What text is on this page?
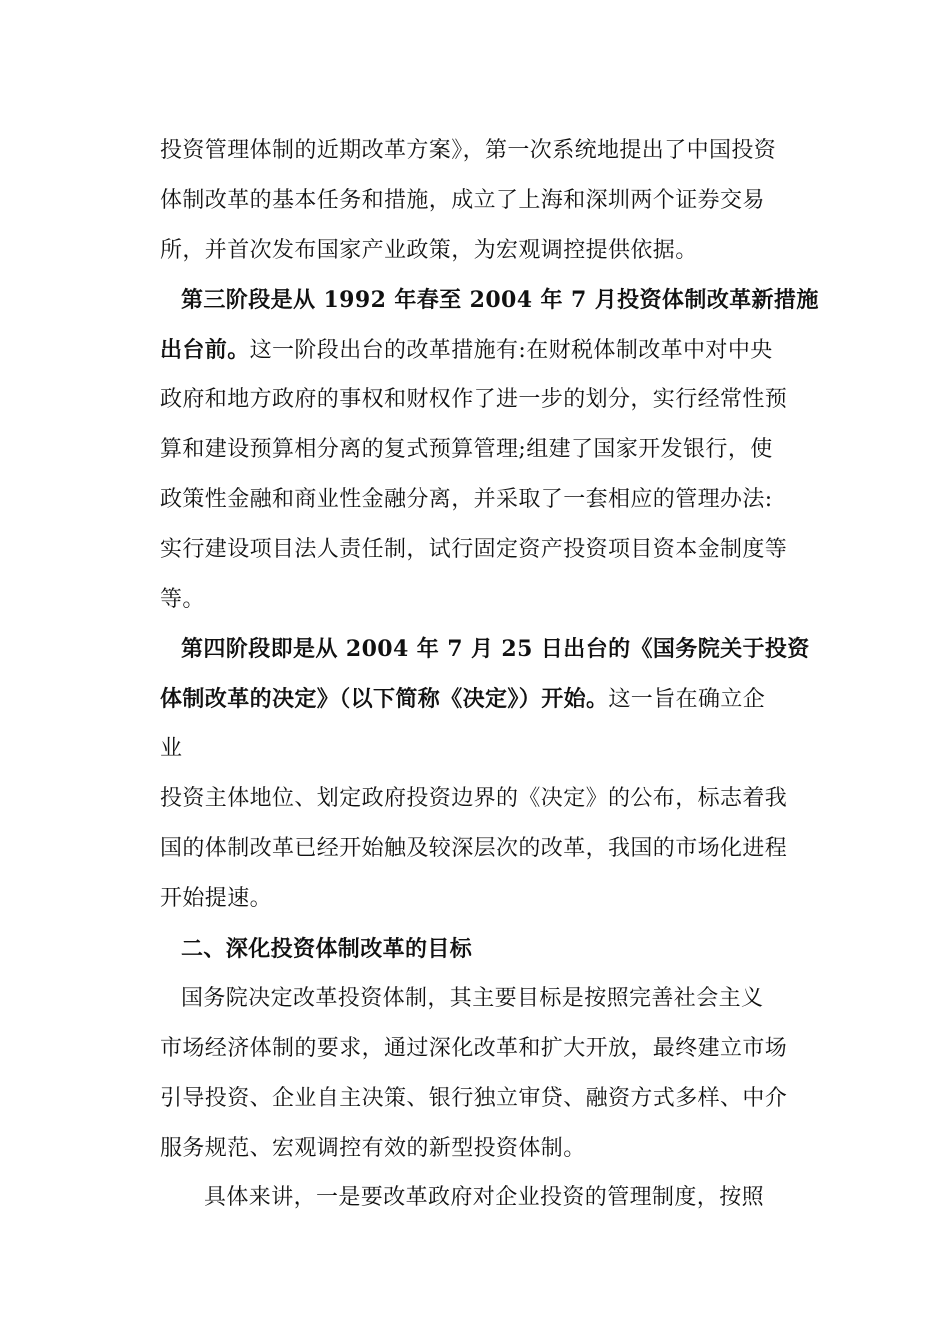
投资管理体制的近期改革方案》，第一次系统地提出了中国投资
体制改革的基本任务和措施，成立了上海和深圳两个证券交易
所，并首次发布国家产业政策，为宏观调控提供依据。
第三阶段是从 1992 年春至 2004 年 7 月投资体制改革新措施
出台前。这一阶段出台的改革措施有:在财税体制改革中对中央
政府和地方政府的事权和财权作了进一步的划分，实行经常性预
算和建设预算相分离的复式预算管理;组建了国家开发银行，使
政策性金融和商业性金融分离，并采取了一套相应的管理办法:
实行建设项目法人责任制，试行固定资产投资项目资本金制度等
等。
第四阶段即是从 2004 年 7 月 25 日出台的《国务院关于投资
体制改革的决定》（以下简称《决定》）开始。这一旨在确立企
业
投资主体地位、划定政府投资边界的《决定》的公布，标志着我
国的体制改革已经开始触及较深层次的改革，我国的市场化进程
开始提速。
二、深化投资体制改革的目标
国务院决定改革投资体制，其主要目标是按照完善社会主义
市场经济体制的要求，通过深化改革和扩大开放，最终建立市场
引导投资、企业自主决策、银行独立审贷、融资方式多样、中介
服务规范、宏观调控有效的新型投资体制。
具体来讲，一是要改革政府对企业投资的管理制度，按照
